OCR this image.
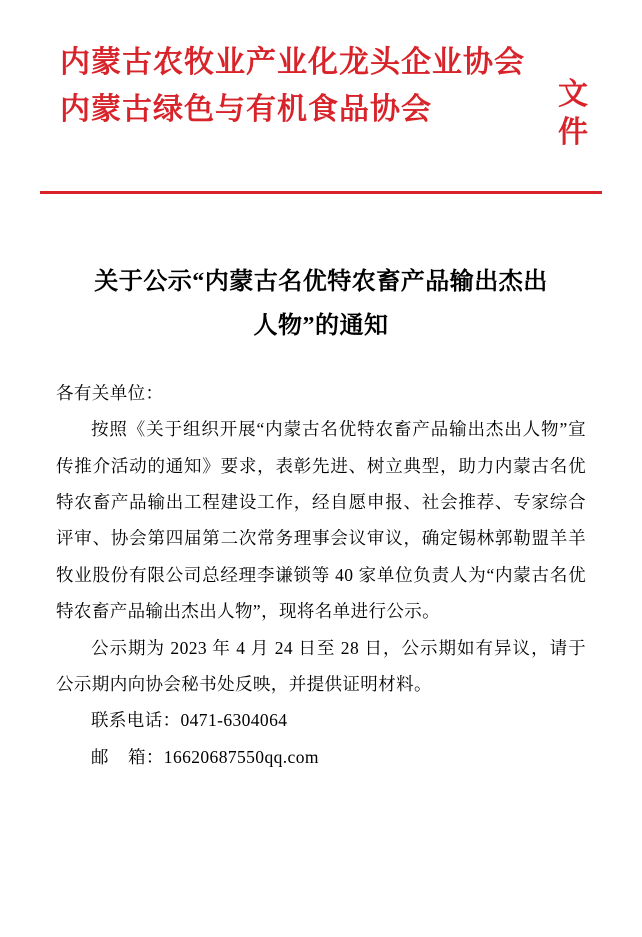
内蒙古农牧业产业化龙头企业协会
内蒙古绿色与有机食品协会	文件
关于公示“内蒙古名优特农畜产品输出杰出
人物”的通知

各有关单位：

按照《关于组织开展“内蒙古名优特农畜产品输出杰出人物”宣传推介活动的通知》要求，表彰先进、树立典型，助力内蒙古名优特农畜产品输出工程建设工作，经自愿申报、社会推荐、专家综合评审、协会第四届第二次常务理事会议审议，确定锡林郭勒盟羊羊牧业股份有限公司总经理李谦锁等 40 家单位负责人为“内蒙古名优特农畜产品输出杰出人物”，现将名单进行公示。

公示期为 2023 年 4 月 24 日至 28 日，公示期如有异议，请于公示期内向协会秘书处反映，并提供证明材料。

联系电话：0471-6304064

邮    箱：16620687550qq.com
